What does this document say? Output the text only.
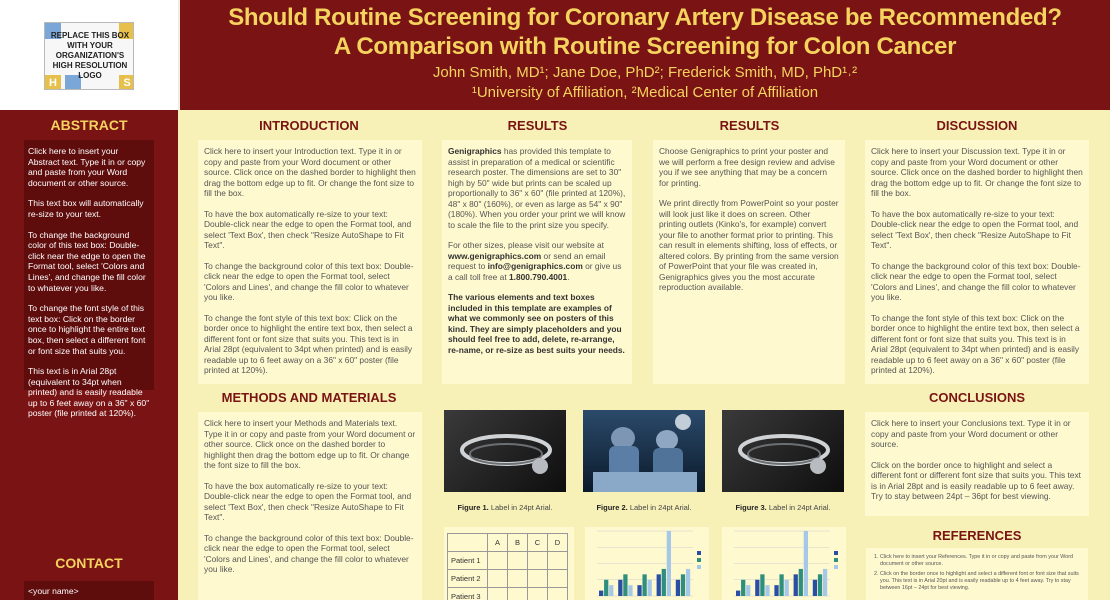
H	S
REPLACE THIS BOX WITH YOUR ORGANIZATION'S HIGH RESOLUTION LOGO
Should Routine Screening for Coronary Artery Disease be Recommended?
A Comparison with Routine Screening for Colon Cancer
John Smith, MD¹; Jane Doe, PhD²; Frederick Smith, MD, PhD¹˒²
¹University of Affiliation, ²Medical Center of Affiliation
ABSTRACT

Click here to insert your Abstract text. Type it in or copy and paste from your Word document or other source.

This text box will automatically re-size to your text.

To change the background color of this text box: Double-click near the edge to open the Format tool, select 'Colors and Lines', and change the fill color to whatever you like.

To change the font style of this text box: Click on the border once to highlight the entire text box, then select a different font or font size that suits you.

This text is in Arial 28pt (equivalent to 34pt when printed) and is easily readable up to 6 feet away on a 36" x 60" poster (file printed at 120%).

CONTACT
<your name>
INTRODUCTION

Click here to insert your Introduction text. Type it in or copy and paste from your Word document or other source. Click once on the dashed border to highlight then drag the bottom edge up to fit. Or change the font size to fill the box.

To have the box automatically re-size to your text: Double-click near the edge to open the Format tool, and select 'Text Box', then check "Resize AutoShape to Fit Text".

To change the background color of this text box: Double-click near the edge to open the Format tool, select 'Colors and Lines', and change the fill color to whatever you like.

To change the font style of this text box: Click on the border once to highlight the entire text box, then select a different font or font size that suits you. This text is in Arial 28pt (equivalent to 34pt when printed) and is easily readable up to 6 feet away on a 36" x 60" poster (file printed at 120%).

METHODS AND MATERIALS

Click here to insert your Methods and Materials text. Type it in or copy and paste from your Word document or other source. Click once on the dashed border to highlight then drag the bottom edge up to fit. Or change the font size to fill the box.

To have the box automatically re-size to your text: Double-click near the edge to open the Format tool, and select 'Text Box', then check "Resize AutoShape to Fit Text".

To change the background color of this text box: Double-click near the edge to open the Format tool, select 'Colors and Lines', and change the fill color to whatever you like.

RESULTS

Genigraphics has provided this template to assist in preparation of a medical or scientific research poster. The dimensions are set to 30" high by 50" wide but prints can be scaled up proportionally to 36" x 60" (file printed at 120%), 48" x 80" (160%), or even as large as 54" x 90" (180%). When you order your print we will know to scale the file to the print size you specify.

For other sizes, please visit our website at www.genigraphics.com or send an email request to info@genigraphics.com or give us a call toll free at 1.800.790.4001.

The various elements and text boxes included in this template are examples of what we commonly see on posters of this kind. They are simply placeholders and you should feel free to add, delete, re-arrange, re-name, or re-size as best suits your needs.

RESULTS

Choose Genigraphics to print your poster and we will perform a free design review and advise you if we see anything that may be a concern for printing.

We print directly from PowerPoint so your poster will look just like it does on screen. Other printing outlets (Kinko's, for example) convert your file to another format prior to printing. This can result in elements shifting, loss of effects, or altered colors. By printing from the same version of PowerPoint that your file was created in, Genigraphics gives you the most accurate reproduction available.

Figure 1. Label in 24pt Arial.	Figure 2. Label in 24pt Arial.	Figure 3. Label in 24pt Arial.
	A	B	C	D
Patient 1				
Patient 2				
Patient 3				
DISCUSSION

Click here to insert your Discussion text. Type it in or copy and paste from your Word document or other source. Click once on the dashed border to highlight then drag the bottom edge up to fit. Or change the font size to fill the box.

To have the box automatically re-size to your text: Double-click near the edge to open the Format tool, and select 'Text Box', then check "Resize AutoShape to Fit Text".

To change the background color of this text box: Double-click near the edge to open the Format tool, select 'Colors and Lines', and change the fill color to whatever you like.

To change the font style of this text box: Click on the border once to highlight the entire text box, then select a different font or font size that suits you. This text is in Arial 28pt (equivalent to 34pt when printed) and is easily readable up to 6 feet away on a 36" x 60" poster (file printed at 120%).

CONCLUSIONS

Click here to insert your Conclusions text. Type it in or copy and paste from your Word document or other source.

Click on the border once to highlight and select a different font or different font size that suits you. This text is in Arial 28pt and is easily readable up to 6 feet away. Try to stay between 24pt – 36pt for best viewing.

REFERENCES
1. Click here to insert your References. Type it in or copy and paste from your Word document or other source.
2. Click on the border once to highlight and select a different font or font size that suits you. This text is in Arial 20pt and is easily readable up to 4 feet away. Try to stay between 16pt – 24pt for best viewing.
